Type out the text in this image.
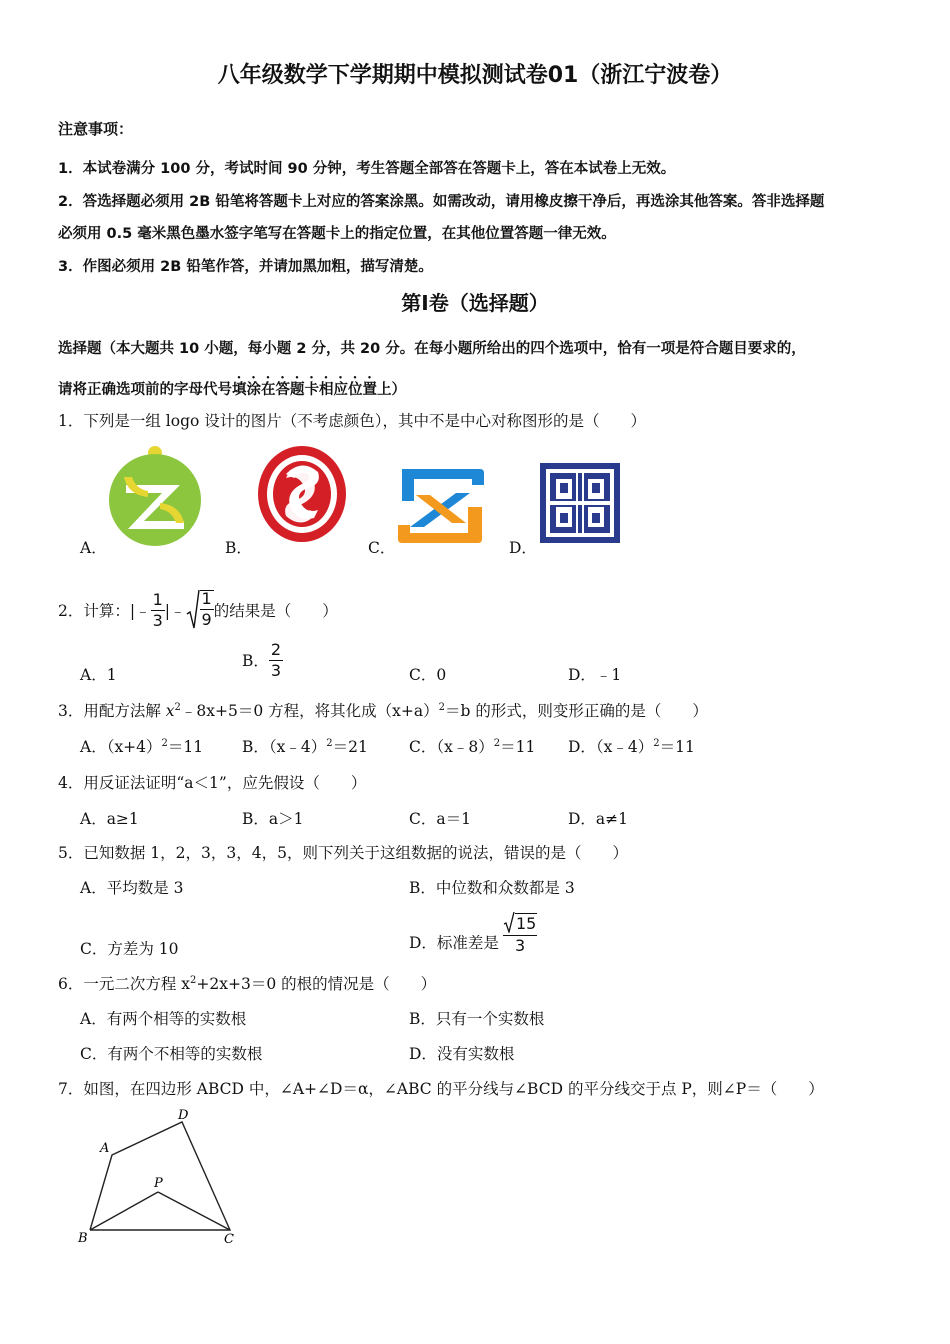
八年级数学下学期期中模拟测试卷01（浙江宁波卷）
注意事项：
1．本试卷满分 100 分，考试时间 90 分钟，考生答题全部答在答题卡上，答在本试卷上无效。
2．答选择题必须用 2B 铅笔将答题卡上对应的答案涂黑。如需改动，请用橡皮擦干净后，再选涂其他答案。答非选择题
必须用 0.5 毫米黑色墨水签字笔写在答题卡上的指定位置，在其他位置答题一律无效。
3．作图必须用 2B 铅笔作答，并请加黑加粗，描写清楚。
第Ⅰ卷（选择题）
选择题（本大题共 10 小题，每小题 2 分，共 20 分。在每小题所给出的四个选项中，恰有一项是符合题目要求的，
请将正确选项前的字母代号填涂在答题卡相应位置上）
1．下列是一组 logo 设计的图片（不考虑颜色），其中不是中心对称图形的是（　　）
A．	B．	C．	D．
2．计算：|﹣ $\frac{1}{3}$ |﹣ $\frac{1}{9}$ 的结果是（　　）
A．1
B． $\frac{2}{3}$	C．0	D．﹣1
3．用配方法解 $x^2﹣8x+5=0$ 方程，将其化成$(x+a)^2=b$ 的形式，则变形正确的是（　　）
A．$(x+4)^2=11$	B．（x﹣4）$^2$＝21	C．（x﹣8）$^2$＝11 D．（x﹣4）$^2$＝11
4．用反证法证明“a＜1”，应先假设（　　）
A．a≥1	B．a＞1	C．a＝1	D．a≠1
5．已知数据 1，2，3，3，4，5，则下列关于这组数据的说法，错误的是（　　）
A．平均数是 3	B．中位数和众数都是 3
C．方差为 10	D．标准差是
15
3
6．一元二次方程 $x^2+2x+3=0$ 的根的情况是（　　）
A．有两个相等的实数根	B．只有一个实数根
C．有两个不相等的实数根	D．没有实数根
7．如图，在四边形 ABCD 中，∠A+∠D＝α，∠ABC 的平分线与∠BCD 的平分线交于点 P，则∠P＝（　　）
A
B	C
D
P
